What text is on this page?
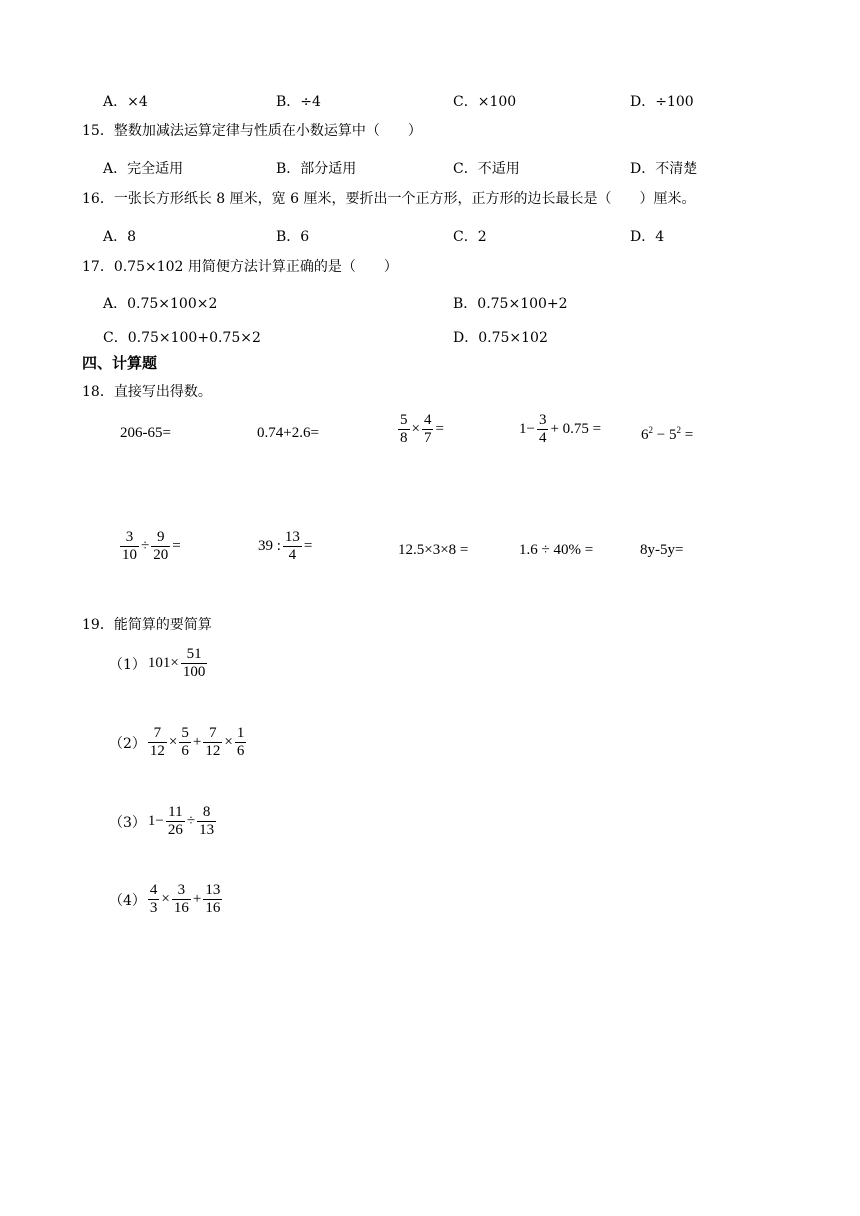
A．×4	B．÷4	C．×100	D．÷100
15．整数加减法运算定律与性质在小数运算中（　　）
A．完全适用	B．部分适用	C．不适用	D．不清楚
16．一张长方形纸长 8 厘米，宽 6 厘米，要折出一个正方形，正方形的边长最长是（　　）厘米。
A．8	B．6	C．2	D．4
17．0.75×102 用简便方法计算正确的是（　　）
A．0.75×100×2	B．0.75×100+2
C．0.75×100+0.75×2	D．0.75×102
四、计算题
18．直接写出得数。
206-65=	0.74+2.6=	$\frac{5}{8} \times \frac{4}{7}$ =	$1- \frac{3}{4} + 0.75$ =	$6^2 - 5^2$ =
$\frac{3}{10} \div \frac{9}{20}$ =	39 : $\frac{13}{4}$ =	12.5×3×8 =	1.6 ÷ 40% =	8y-5y=
19．能简算的要简算
（1） $101\times \frac{51}{100}$
$(2) \frac{7}{12} \times \frac{5}{6} + \frac{7}{12} \times \frac{1}{6}$
（3） $1- \frac{11}{26} \div \frac{8}{13}$
$(4) \frac{4}{3} \times \frac{3}{16} + \frac{13}{16}$
